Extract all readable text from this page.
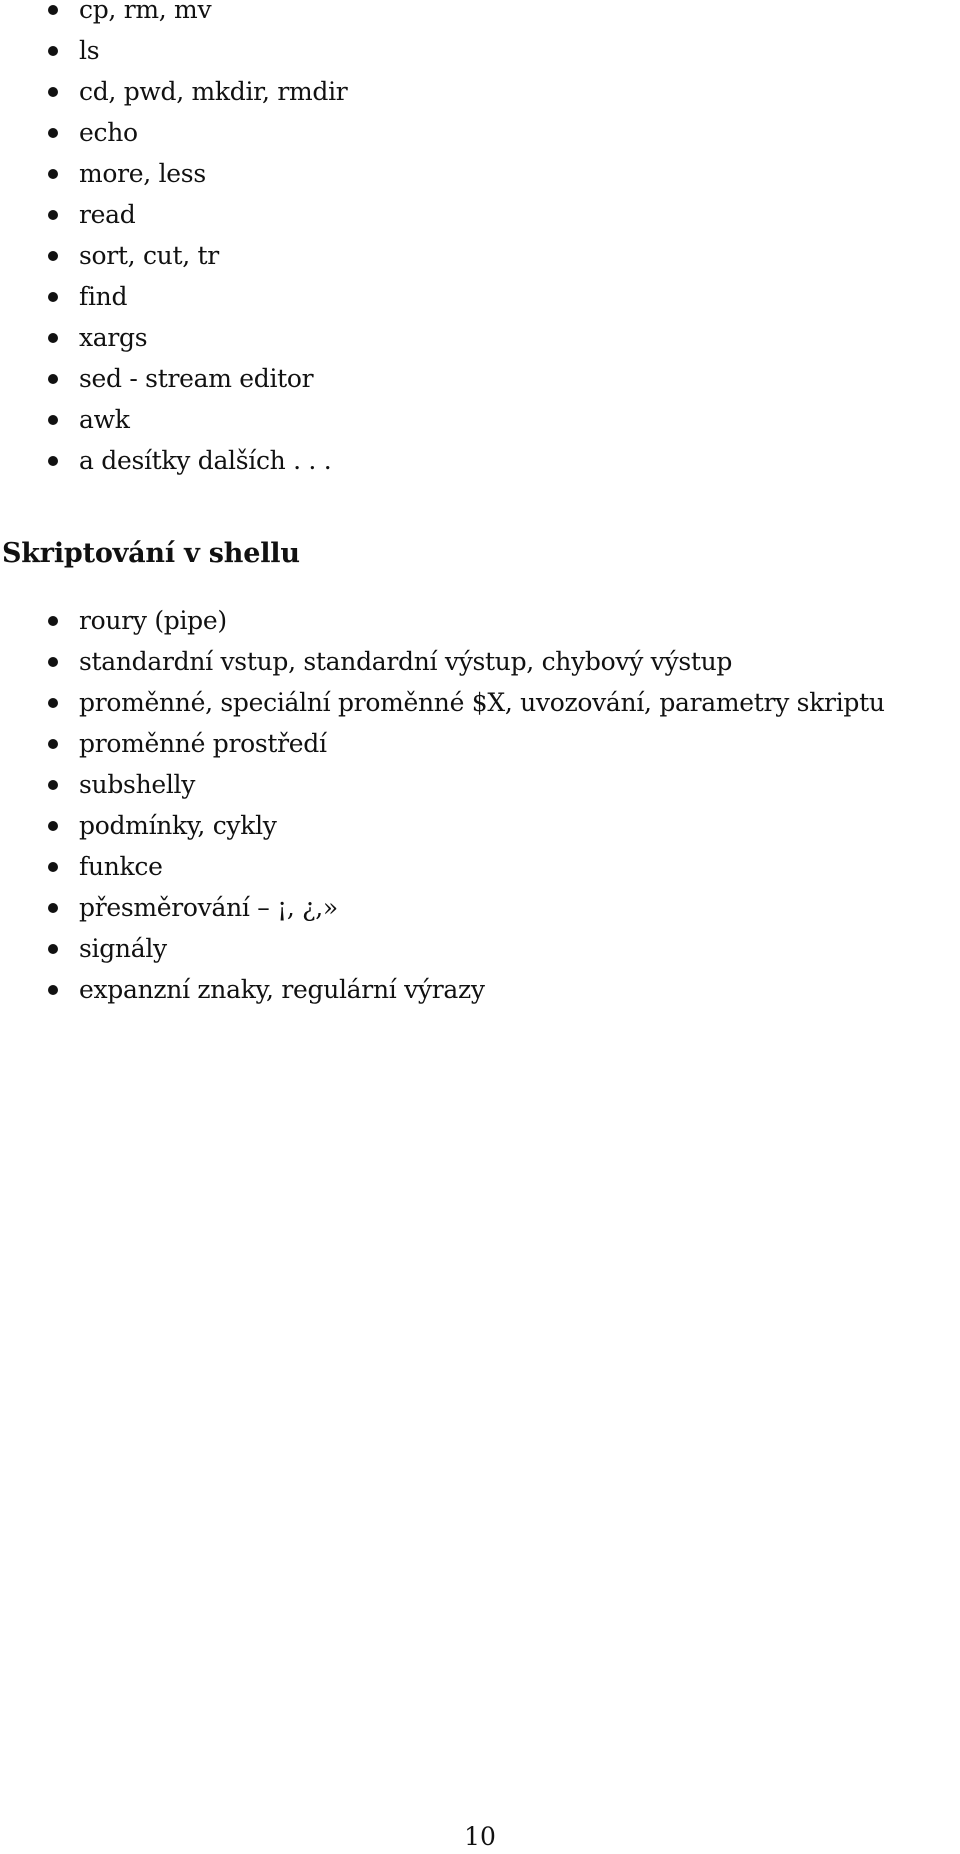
cp, rm, mv
ls
cd, pwd, mkdir, rmdir
echo
more, less
read
sort, cut, tr
find
xargs
sed - stream editor
awk
a desítky dalších . . .
Skriptování v shellu
roury (pipe)
standardní vstup, standardní výstup, chybový výstup
proměnné, speciální proměnné $X, uvozování, parametry skriptu
proměnné prostředí
subshelly
podmínky, cykly
funkce
přesměrování – ¡, ¿,»
signály
expanzní znaky, regulární výrazy
10
